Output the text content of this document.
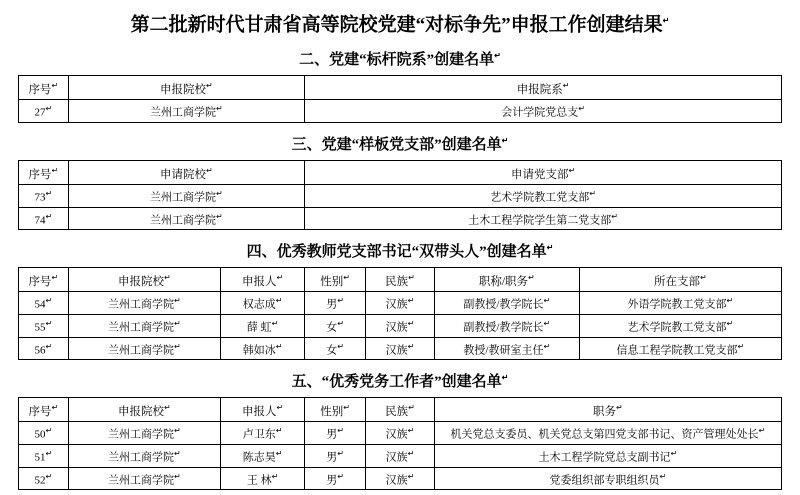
第二批新时代甘肃省高等院校党建“对标争先”申报工作创建结果↵
二、党建“标杆院系”创建名单↵
序号↵	申报院校↵	申报院系↵
27↵	兰州工商学院↵	会计学院党总支↵
三、党建“样板党支部”创建名单↵
序号↵	申请院校↵	申请党支部↵
73↵	兰州工商学院↵	艺术学院教工党支部↵
74↵	兰州工商学院↵	土木工程学院学生第二党支部↵
四、优秀教师党支部书记“双带头人”创建名单↵
序号↵	申报院校↵	申报人↵	性别↵	民族↵	职称/职务↵	所在支部↵
54↵	兰州工商学院↵	权志成↵	男↵	汉族↵	副教授/教学院长↵	外语学院教工党支部↵
55↵	兰州工商学院↵	薛 虹↵	女↵	汉族↵	副教授/教学院长↵	艺术学院教工党支部↵
56↵	兰州工商学院↵	韩如冰↵	女↵	汉族↵	教授/教研室主任↵	信息工程学院教工党支部↵
五、“优秀党务工作者”创建名单↵
序号↵	申报院校↵	申报人↵	性别↵	民族↵	职务↵
50↵	兰州工商学院↵	卢卫东↵	男↵	汉族↵	机关党总支委员、机关党总支第四党支部书记、资产管理处处长↵
51↵	兰州工商学院↵	陈志昊↵	男↵	汉族↵	土木工程学院党总支副书记↵
52↵	兰州工商学院↵	王 林↵	男↵	汉族↵	党委组织部专职组织员↵
